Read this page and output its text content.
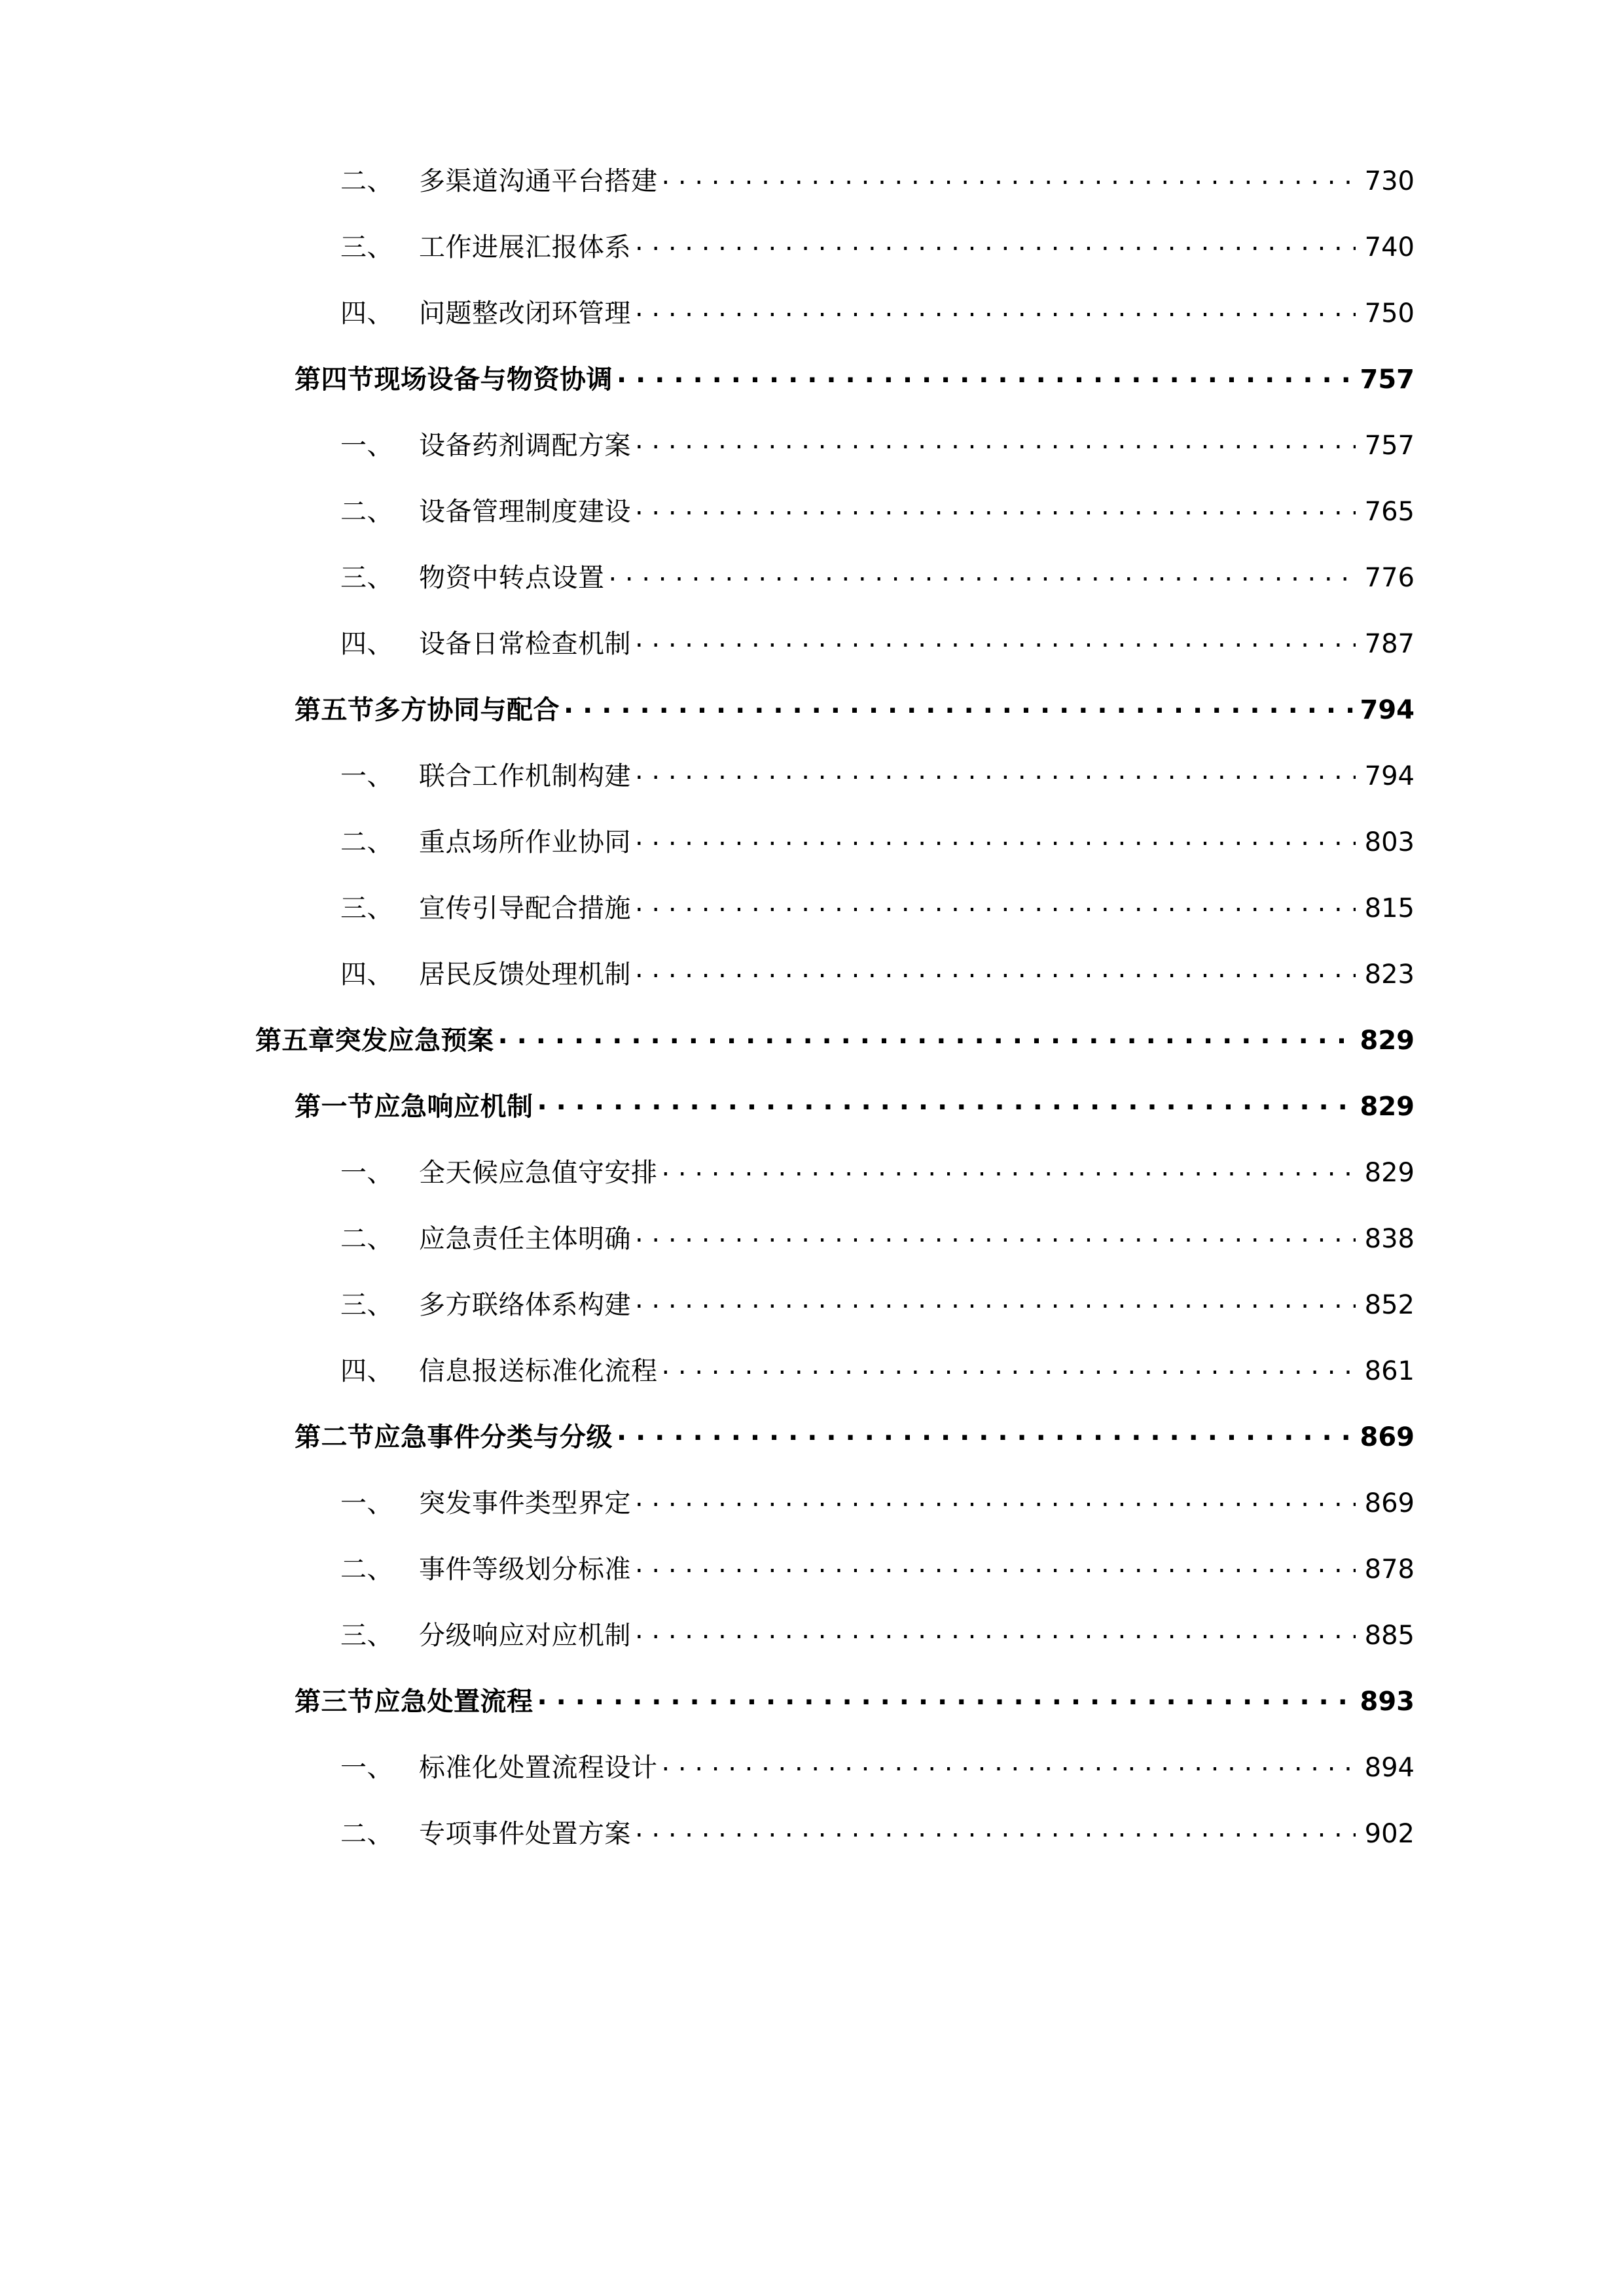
二、 多渠道沟通平台搭建 . . .	730
三、 工作进展汇报体系 . . .	740
四、 问题整改闭环管理 . . .	750
第四节 现场设备与物资协调 . . .	757
一、 设备药剂调配方案 . . .	757
二、 设备管理制度建设 . . .	765
三、 物资中转点设置 . . .	776
四、 设备日常检查机制 . . .	787
第五节 多方协同与配合 . . .	794
一、 联合工作机制构建 . . .	794
二、 重点场所作业协同 . . .	803
三、 宣传引导配合措施 . . .	815
四、 居民反馈处理机制 . . .	823
第五章 突发应急预案 . . .	829
第一节 应急响应机制 . . .	829
一、 全天候应急值守安排 . . .	829
二、 应急责任主体明确 . . .	838
三、 多方联络体系构建 . . .	852
四、 信息报送标准化流程 . . .	861
第二节 应急事件分类与分级 . . .	869
一、 突发事件类型界定 . . .	869
二、 事件等级划分标准 . . .	878
三、 分级响应对应机制 . . .	885
第三节 应急处置流程 . . .	893
一、 标准化处置流程设计 . . .	894
二、 专项事件处置方案 . . .	902
